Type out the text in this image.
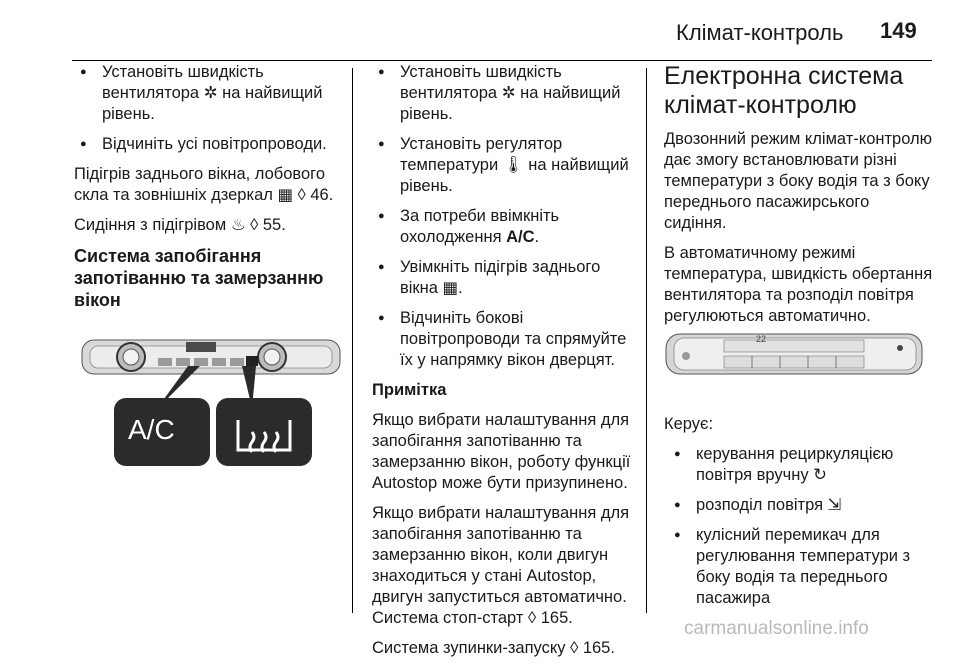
Клімат-контроль 149
● Установіть швидкість вентилятора ✲ на найвищий рівень.
● Відчиніть усі повітропроводи.

Підігрів заднього вікна, лобового скла та зовнішніх дзеркал ▦ ◊ 46.

Сидіння з підігрівом ♨ ◊ 55.

Система запобігання запотіванню та замерзанню вікон

A/C
● Установіть швидкість вентилятора ✲ на найвищий рівень.
● Установіть регулятор температури 🌡 на найвищий рівень.
● За потреби ввімкніть охолодження A/C.
● Увімкніть підігрів заднього вікна ▦.
● Відчиніть бокові повітропроводи та спрямуйте їх у напрямку вікон дверцят.

Примітка

Якщо вибрати налаштування для запобігання запотіванню та замерзанню вікон, роботу функції Autostop може бути призупинено.

Якщо вибрати налаштування для запобігання запотіванню та замерзанню вікон, коли двигун знаходиться у стані Autostop, двигун запуститься автоматично. Система стоп-старт ◊ 165.

Система зупинки-запуску ◊ 165.

Електронна система клімат-контролю

Двозонний режим клімат-контролю дає змогу встановлювати різні температури з боку водія та з боку переднього пасажирського сидіння.

В автоматичному режимі температура, швидкість обертання вентилятора та розподіл повітря регулюються автоматично.

22

Керує:

● керування рециркуляцією повітря вручну ↻
● розподіл повітря ⇲
● кулісний перемикач для регулювання температури з боку водія та переднього пасажира
carmanualsonline.info
